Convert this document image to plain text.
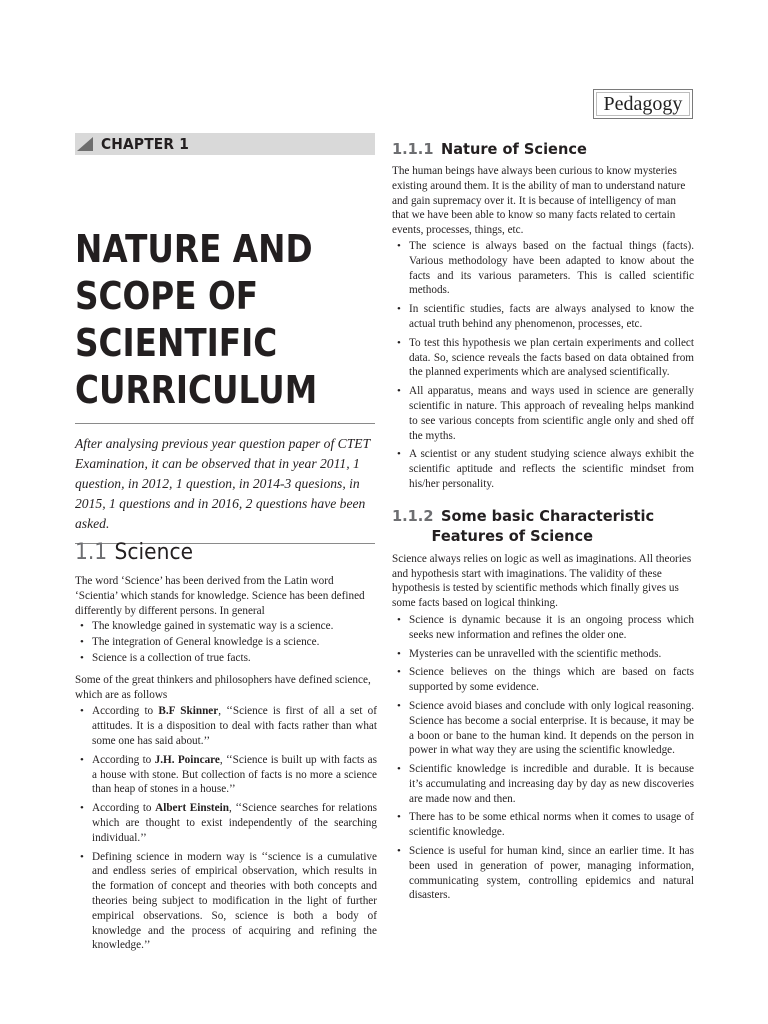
Pedagogy
CHAPTER 1
NATURE AND
SCOPE OF
SCIENTIFIC
CURRICULUM

After analysing previous year question paper of CTET Examination, it can be observed that in year 2011, 1 question, in 2012, 1 question, in 2014-3 quesions, in 2015, 1 questions and in 2016, 2 questions have been asked.

1.1 Science

The word ‘Science’ has been derived from the Latin word ‘Scientia’ which stands for knowledge. Science has been defined differently by different persons. In general

• The knowledge gained in systematic way is a science.
• The integration of General knowledge is a science.
• Science is a collection of true facts.

Some of the great thinkers and philosophers have defined science, which are as follows

• According to B.F Skinner, ‘‘Science is first of all a set of attitudes. It is a disposition to deal with facts rather than what some one has said about.’’
• According to J.H. Poincare, ‘‘Science is built up with facts as a house with stone. But collection of facts is no more a science than heap of stones in a house.’’
• According to Albert Einstein, ‘‘Science searches for relations which are thought to exist independently of the searching individual.’’
• Defining science in modern way is ‘‘science is a cumulative and endless series of empirical observation, which results in the formation of concept and theories with both concepts and theories being subject to modification in the light of further empirical observations. So, science is both a body of knowledge and the process of acquiring and refining the knowledge.’’
1.1.1 Nature of Science

The human beings have always been curious to know mysteries existing around them. It is the ability of man to understand nature and gain supremacy over it. It is because of intelligency of man that we have been able to know so many facts related to certain events, processes, things, etc.

• The science is always based on the factual things (facts). Various methodology have been adapted to know about the facts and its various parameters. This is called scientific methods.
• In scientific studies, facts are always analysed to know the actual truth behind any phenomenon, processes, etc.
• To test this hypothesis we plan certain experiments and collect data. So, science reveals the facts based on data obtained from the planned experiments which are analysed scientifically.
• All apparatus, means and ways used in science are generally scientific in nature. This approach of revealing helps mankind to see various concepts from scientific angle only and shed off the myths.
• A scientist or any student studying science always exhibit the scientific aptitude and reflects the scientific mindset from his/her personality.
1.1.2 Some basic Characteristic
Features of Science

Science always relies on logic as well as imaginations. All theories and hypothesis start with imaginations. The validity of these hypothesis is tested by scientific methods which finally gives us some facts based on logical thinking.

• Science is dynamic because it is an ongoing process which seeks new information and refines the older one.
• Mysteries can be unravelled with the scientific methods.
• Science believes on the things which are based on facts supported by some evidence.
• Science avoid biases and conclude with only logical reasoning. Science has become a social enterprise. It is because, it may be a boon or bane to the human kind. It depends on the person in power in what way they are using the scientific knowledge.
• Scientific knowledge is incredible and durable. It is because it’s accumulating and increasing day by day as new discoveries are made now and then.
• There has to be some ethical norms when it comes to usage of scientific knowledge.
• Science is useful for human kind, since an earlier time. It has been used in generation of power, managing information, communicating system, controlling epidemics and natural disasters.
